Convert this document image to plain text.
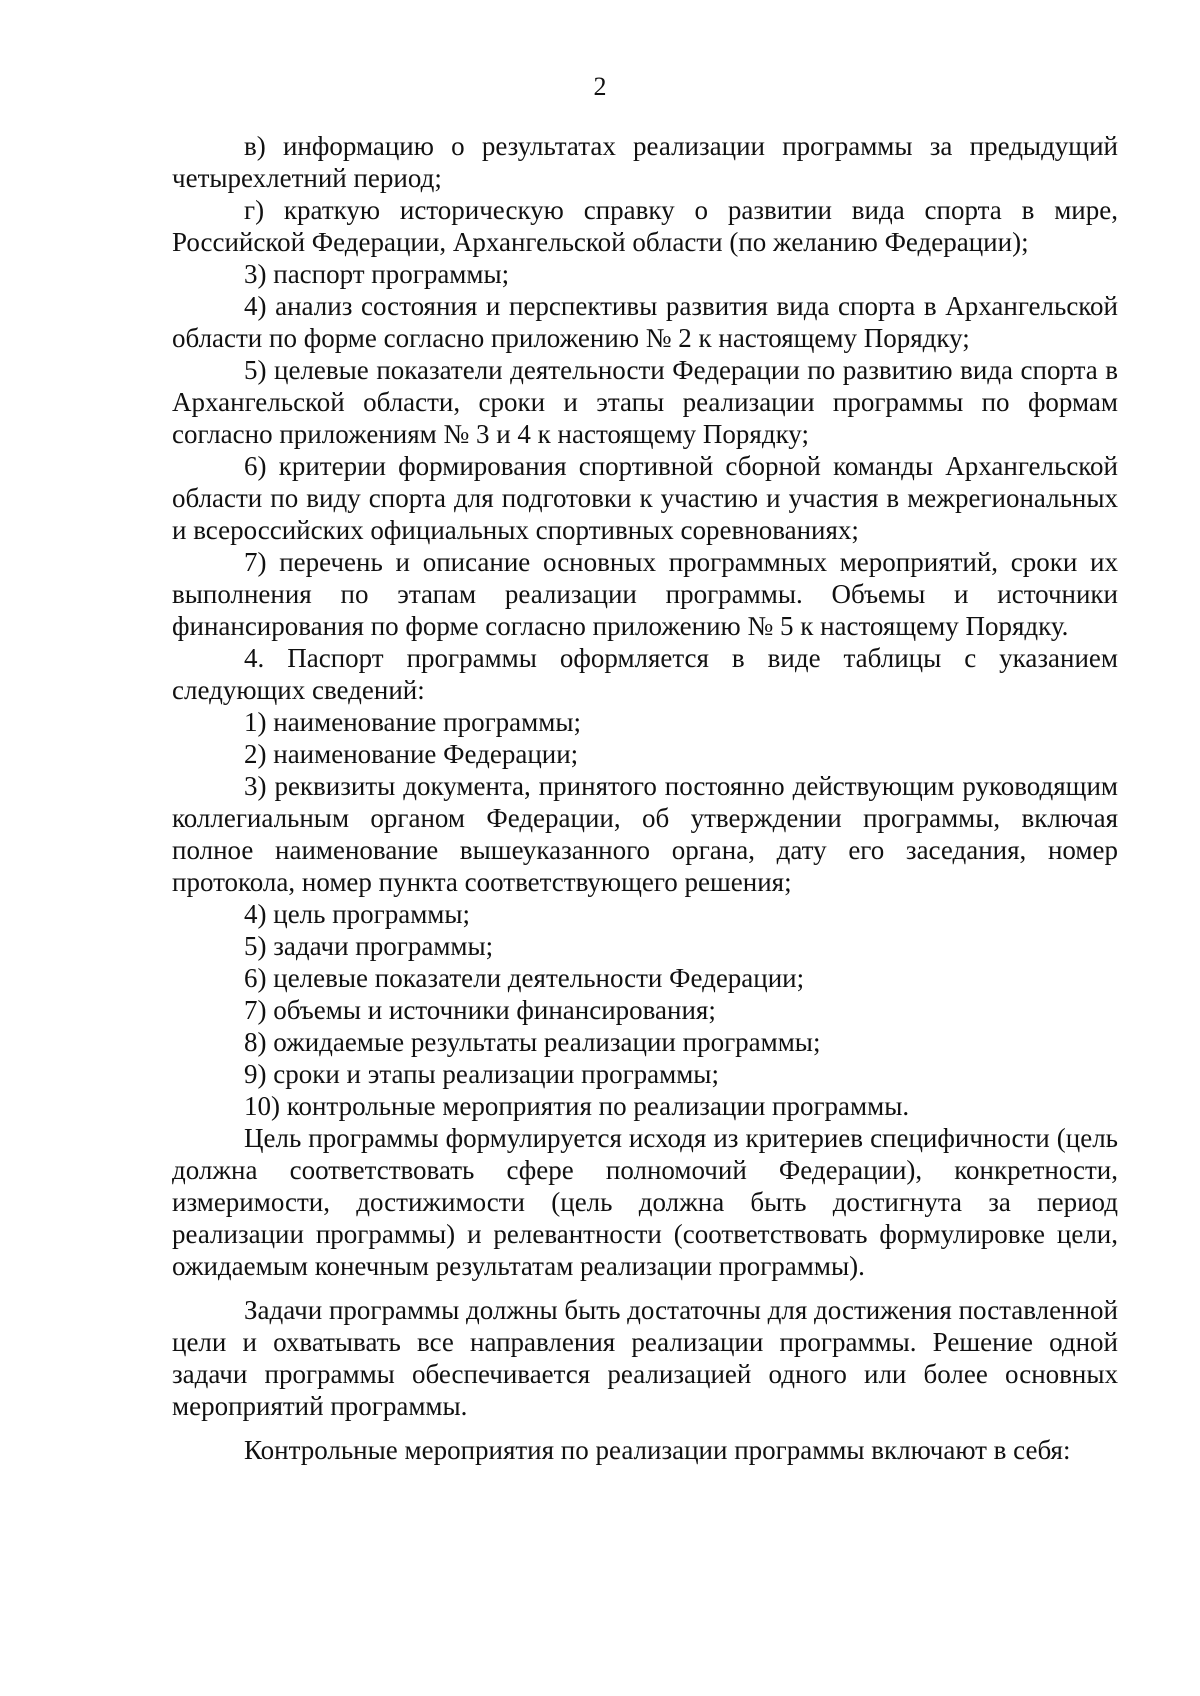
2

в) информацию о результатах реализации программы за предыдущий четырехлетний период;

г) краткую историческую справку о развитии вида спорта в мире, Российской Федерации, Архангельской области (по желанию Федерации);

3) паспорт программы;

4) анализ состояния и перспективы развития вида спорта в Архангельской области по форме согласно приложению № 2 к настоящему Порядку;

5) целевые показатели деятельности Федерации по развитию вида спорта в Архангельской области, сроки и этапы реализации программы по формам согласно приложениям № 3 и 4 к настоящему Порядку;

6) критерии формирования спортивной сборной команды Архангельской области по виду спорта для подготовки к участию и участия в межрегиональных и всероссийских официальных спортивных соревнованиях;

7) перечень и описание основных программных мероприятий, сроки их выполнения по этапам реализации программы. Объемы и источники финансирования по форме согласно приложению № 5 к настоящему Порядку.

4. Паспорт программы оформляется в виде таблицы с указанием следующих сведений:

1) наименование программы;

2) наименование Федерации;

3) реквизиты документа, принятого постоянно действующим руководящим коллегиальным органом Федерации, об утверждении программы, включая полное наименование вышеуказанного органа, дату его заседания, номер протокола, номер пункта соответствующего решения;

4) цель программы;

5) задачи программы;

6) целевые показатели деятельности Федерации;

7) объемы и источники финансирования;

8) ожидаемые результаты реализации программы;

9) сроки и этапы реализации программы;

10) контрольные мероприятия по реализации программы.

Цель программы формулируется исходя из критериев специфичности (цель должна соответствовать сфере полномочий Федерации), конкретности, измеримости, достижимости (цель должна быть достигнута за период реализации программы) и релевантности (соответствовать формулировке цели, ожидаемым конечным результатам реализации программы).

Задачи программы должны быть достаточны для достижения поставленной цели и охватывать все направления реализации программы. Решение одной задачи программы обеспечивается реализацией одного или более основных мероприятий программы.

Контрольные мероприятия по реализации программы включают в себя:
